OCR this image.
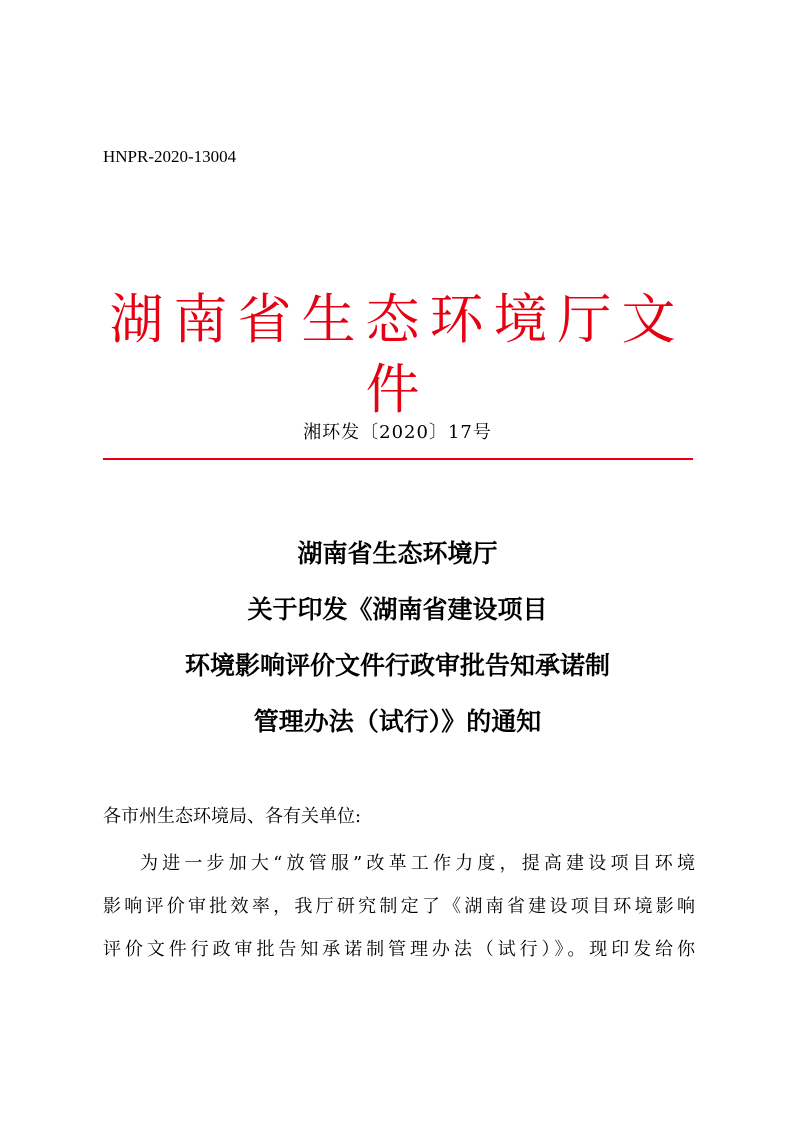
HNPR-2020-13004
湖南省生态环境厅文件
湘环发〔2020〕17号
湖南省生态环境厅
关于印发《湖南省建设项目
环境影响评价文件行政审批告知承诺制
管理办法（试行）》的通知
各市州生态环境局、各有关单位:
为进一步加大“放管服”改革工作力度，提高建设项目环境
影响评价审批效率，我厅研究制定了《湖南省建设项目环境影响
评价文件行政审批告知承诺制管理办法（试行）》。现印发给你
